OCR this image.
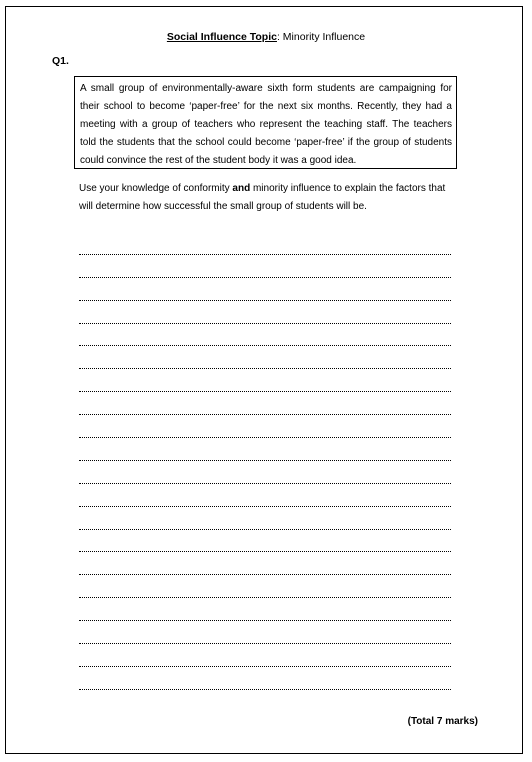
Social Influence Topic: Minority Influence
Q1.
A small group of environmentally-aware sixth form students are campaigning for their school to become ‘paper-free’ for the next six months. Recently, they had a meeting with a group of teachers who represent the teaching staff. The teachers told the students that the school could become ‘paper-free’ if the group of students could convince the rest of the student body it was a good idea.
Use your knowledge of conformity and minority influence to explain the factors that will determine how successful the small group of students will be.
(Total 7 marks)
